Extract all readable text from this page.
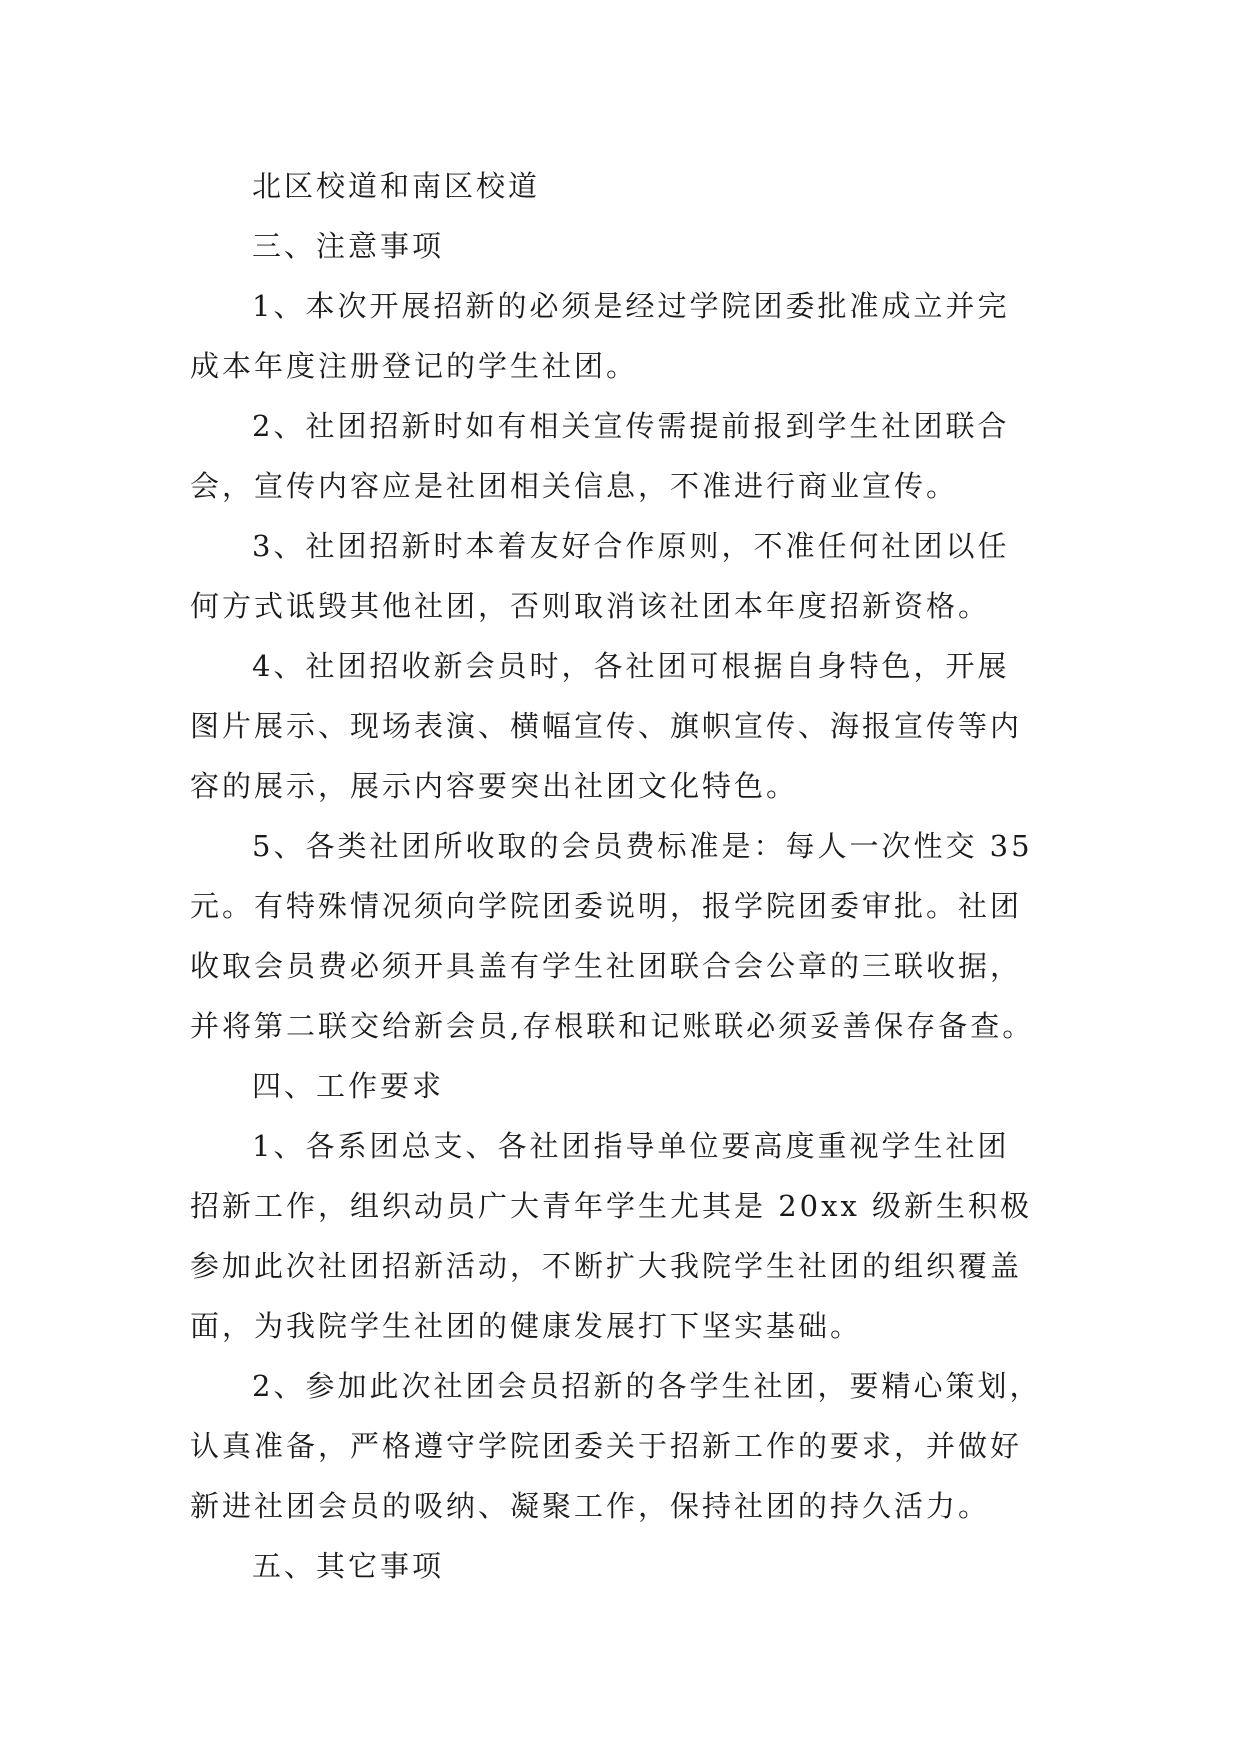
北区校道和南区校道
三、注意事项
1、本次开展招新的必须是经过学院团委批准成立并完
成本年度注册登记的学生社团。
2、社团招新时如有相关宣传需提前报到学生社团联合
会，宣传内容应是社团相关信息，不准进行商业宣传。
3、社团招新时本着友好合作原则，不准任何社团以任
何方式诋毁其他社团，否则取消该社团本年度招新资格。
4、社团招收新会员时，各社团可根据自身特色，开展
图片展示、现场表演、横幅宣传、旗帜宣传、海报宣传等内
容的展示，展示内容要突出社团文化特色。
5、各类社团所收取的会员费标准是：每人一次性交 35
元。有特殊情况须向学院团委说明，报学院团委审批。社团
收取会员费必须开具盖有学生社团联合会公章的三联收据，
并将第二联交给新会员,存根联和记账联必须妥善保存备查。
四、工作要求
1、各系团总支、各社团指导单位要高度重视学生社团
招新工作，组织动员广大青年学生尤其是 20xx 级新生积极
参加此次社团招新活动，不断扩大我院学生社团的组织覆盖
面，为我院学生社团的健康发展打下坚实基础。
2、参加此次社团会员招新的各学生社团，要精心策划，
认真准备，严格遵守学院团委关于招新工作的要求，并做好
新进社团会员的吸纳、凝聚工作，保持社团的持久活力。
五、其它事项
